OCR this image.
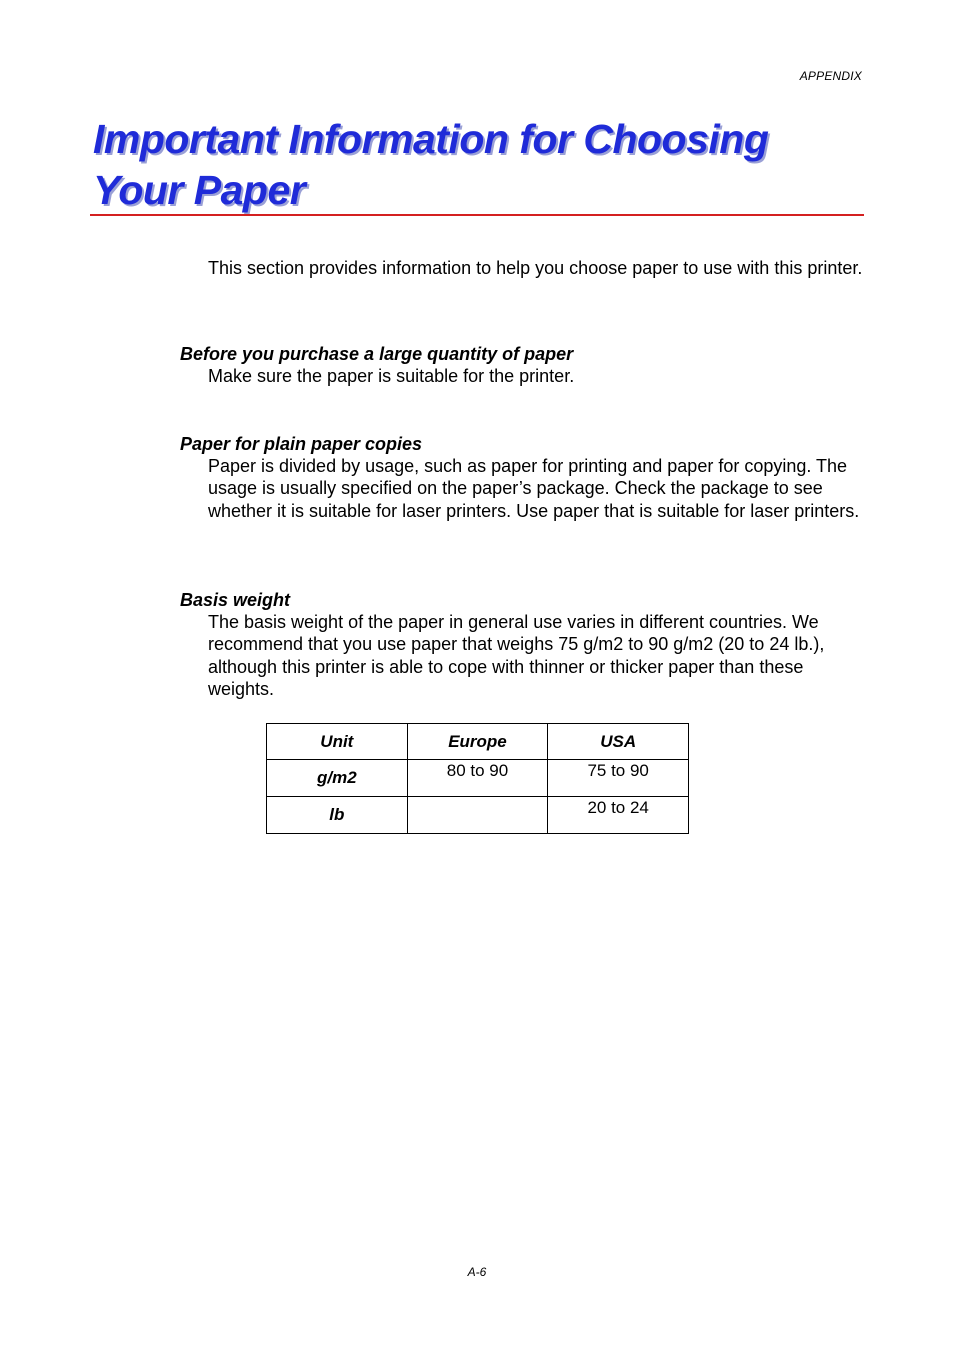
APPENDIX
Important Information for Choosing
Your Paper

This section provides information to help you choose paper to use with this printer.

Before you purchase a large quantity of paper

Make sure the paper is suitable for the printer.

Paper for plain paper copies

Paper is divided by usage, such as paper for printing and paper for copying. The usage is usually specified on the paper’s package. Check the package to see whether it is suitable for laser printers. Use paper that is suitable for laser printers.

Basis weight

The basis weight of the paper in general use varies in different countries. We recommend that you use paper that weighs 75 g/m2 to 90 g/m2 (20 to 24 lb.), although this printer is able to cope with thinner or thicker paper than these weights.

Unit	Europe	USA
g/m2	80 to 90	75 to 90
lb		20 to 24
A-6
